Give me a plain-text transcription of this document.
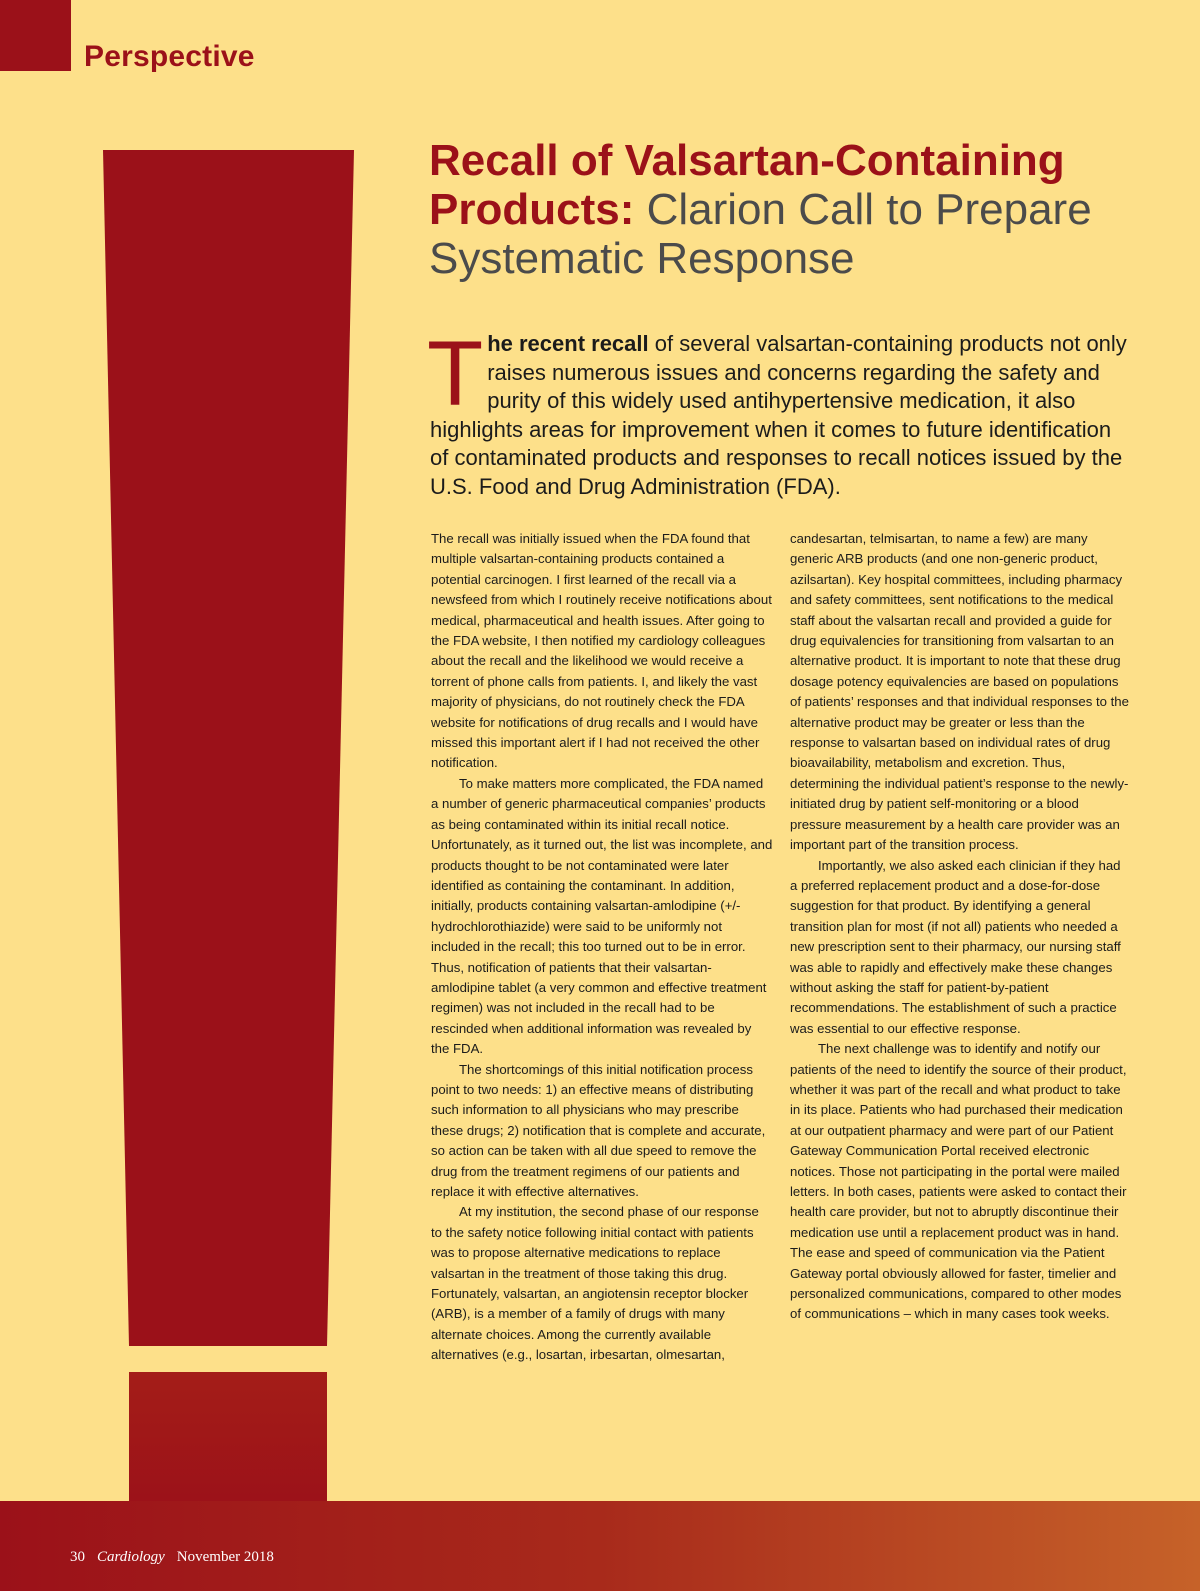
Perspective
Recall of Valsartan-Containing Products: Clarion Call to Prepare Systematic Response

The recent recall of several valsartan-containing products not only raises numerous issues and concerns regarding the safety and purity of this widely used antihypertensive medication, it also highlights areas for improvement when it comes to future identification of contaminated products and responses to recall notices issued by the U.S. Food and Drug Administration (FDA).

The recall was initially issued when the FDA found that multiple valsartan-containing products contained a potential carcinogen. I first learned of the recall via a newsfeed from which I routinely receive notifications about medical, pharmaceutical and health issues. After going to the FDA website, I then notified my cardiology colleagues about the recall and the likelihood we would receive a torrent of phone calls from patients. I, and likely the vast majority of physicians, do not routinely check the FDA website for notifications of drug recalls and I would have missed this important alert if I had not received the other notification.

To make matters more complicated, the FDA named a number of generic pharmaceutical companies’ products as being contaminated within its initial recall notice. Unfortunately, as it turned out, the list was incomplete, and products thought to be not contaminated were later identified as containing the contaminant. In addition, initially, products containing valsartan-amlodipine (+/- hydrochlorothiazide) were said to be uniformly not included in the recall; this too turned out to be in error. Thus, notification of patients that their valsartan-amlodipine tablet (a very common and effective treatment regimen) was not included in the recall had to be rescinded when additional information was revealed by the FDA.

The shortcomings of this initial notification process point to two needs: 1) an effective means of distributing such information to all physicians who may prescribe these drugs; 2) notification that is complete and accurate, so action can be taken with all due speed to remove the drug from the treatment regimens of our patients and replace it with effective alternatives.

At my institution, the second phase of our response to the safety notice following initial contact with patients was to propose alternative medications to replace valsartan in the treatment of those taking this drug. Fortunately, valsartan, an angiotensin receptor blocker (ARB), is a member of a family of drugs with many alternate choices. Among the currently available alternatives (e.g., losartan, irbesartan, olmesartan,

candesartan, telmisartan, to name a few) are many generic ARB products (and one non-generic product, azilsartan). Key hospital committees, including pharmacy and safety committees, sent notifications to the medical staff about the valsartan recall and provided a guide for drug equivalencies for transitioning from valsartan to an alternative product. It is important to note that these drug dosage potency equivalencies are based on populations of patients’ responses and that individual responses to the alternative product may be greater or less than the response to valsartan based on individual rates of drug bioavailability, metabolism and excretion. Thus, determining the individual patient’s response to the newly-initiated drug by patient self-monitoring or a blood pressure measurement by a health care provider was an important part of the transition process.

Importantly, we also asked each clinician if they had a preferred replacement product and a dose-for-dose suggestion for that product. By identifying a general transition plan for most (if not all) patients who needed a new prescription sent to their pharmacy, our nursing staff was able to rapidly and effectively make these changes without asking the staff for patient-by-patient recommendations. The establishment of such a practice was essential to our effective response.

The next challenge was to identify and notify our patients of the need to identify the source of their product, whether it was part of the recall and what product to take in its place. Patients who had purchased their medication at our outpatient pharmacy and were part of our Patient Gateway Communication Portal received electronic notices. Those not participating in the portal were mailed letters. In both cases, patients were asked to contact their health care provider, but not to abruptly discontinue their medication use until a replacement product was in hand. The ease and speed of communication via the Patient Gateway portal obviously allowed for faster, timelier and personalized communications, compared to other modes of communications – which in many cases took weeks.

30 Cardiology November 2018
